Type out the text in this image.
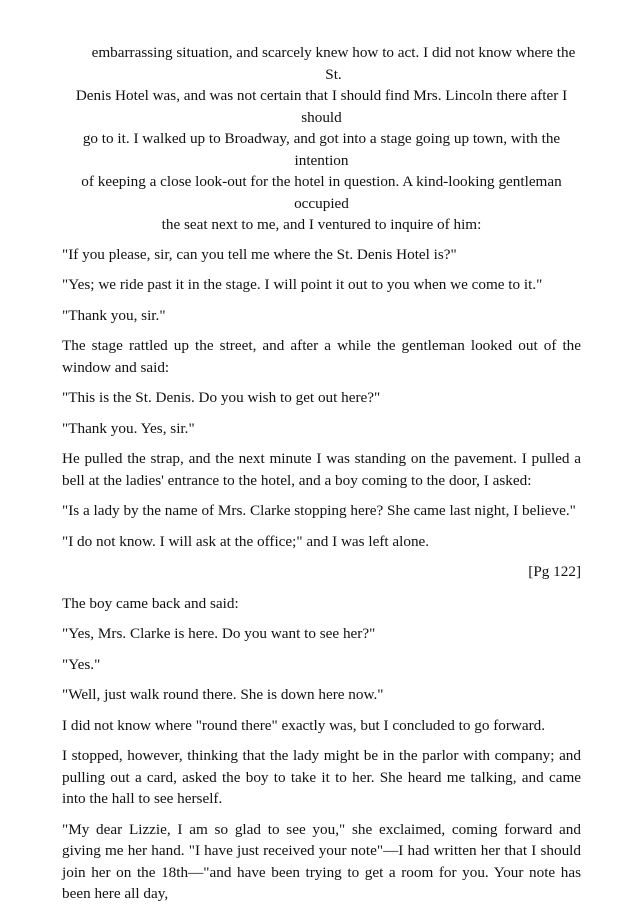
embarrassing situation, and scarcely knew how to act. I did not know where the St.
Denis Hotel was, and was not certain that I should find Mrs. Lincoln there after I should
go to it. I walked up to Broadway, and got into a stage going up town, with the intention
of keeping a close look-out for the hotel in question. A kind-looking gentleman occupied
the seat next to me, and I ventured to inquire of him:

"If you please, sir, can you tell me where the St. Denis Hotel is?"

"Yes; we ride past it in the stage. I will point it out to you when we come to it."

"Thank you, sir."

The stage rattled up the street, and after a while the gentleman looked out of the window and said:

"This is the St. Denis. Do you wish to get out here?"

"Thank you. Yes, sir."

He pulled the strap, and the next minute I was standing on the pavement. I pulled a bell at the ladies' entrance to the hotel, and a boy coming to the door, I asked:

"Is a lady by the name of Mrs. Clarke stopping here? She came last night, I believe."

"I do not know. I will ask at the office;" and I was left alone.

[Pg 122]

The boy came back and said:

"Yes, Mrs. Clarke is here. Do you want to see her?"

"Yes."

"Well, just walk round there. She is down here now."

I did not know where "round there" exactly was, but I concluded to go forward.

I stopped, however, thinking that the lady might be in the parlor with company; and pulling out a card, asked the boy to take it to her. She heard me talking, and came into the hall to see herself.

"My dear Lizzie, I am so glad to see you," she exclaimed, coming forward and giving me her hand. "I have just received your note"—I had written her that I should join her on the 18th—"and have been trying to get a room for you. Your note has been here all day,
